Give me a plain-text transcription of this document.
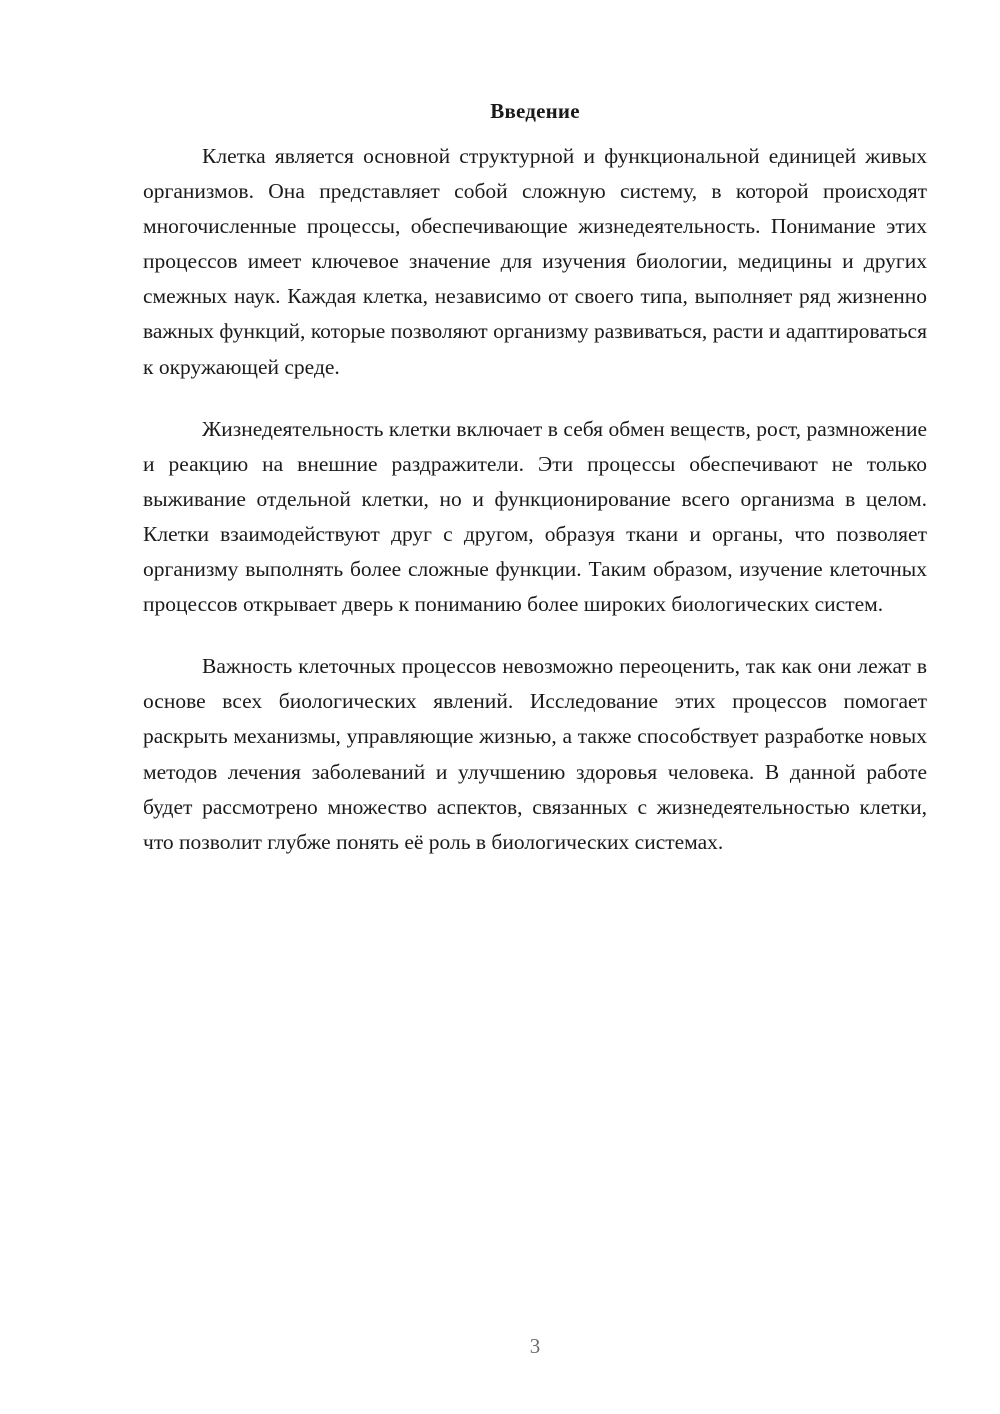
Введение

Клетка является основной структурной и функциональной единицей живых организмов. Она представляет собой сложную систему, в которой происходят многочисленные процессы, обеспечивающие жизнедеятельность. Понимание этих процессов имеет ключевое значение для изучения биологии, медицины и других смежных наук. Каждая клетка, независимо от своего типа, выполняет ряд жизненно важных функций, которые позволяют организму развиваться, расти и адаптироваться к окружающей среде.

Жизнедеятельность клетки включает в себя обмен веществ, рост, размножение и реакцию на внешние раздражители. Эти процессы обеспечивают не только выживание отдельной клетки, но и функционирование всего организма в целом. Клетки взаимодействуют друг с другом, образуя ткани и органы, что позволяет организму выполнять более сложные функции. Таким образом, изучение клеточных процессов открывает дверь к пониманию более широких биологических систем.

Важность клеточных процессов невозможно переоценить, так как они лежат в основе всех биологических явлений. Исследование этих процессов помогает раскрыть механизмы, управляющие жизнью, а также способствует разработке новых методов лечения заболеваний и улучшению здоровья человека. В данной работе будет рассмотрено множество аспектов, связанных с жизнедеятельностью клетки, что позволит глубже понять её роль в биологических системах.

3
